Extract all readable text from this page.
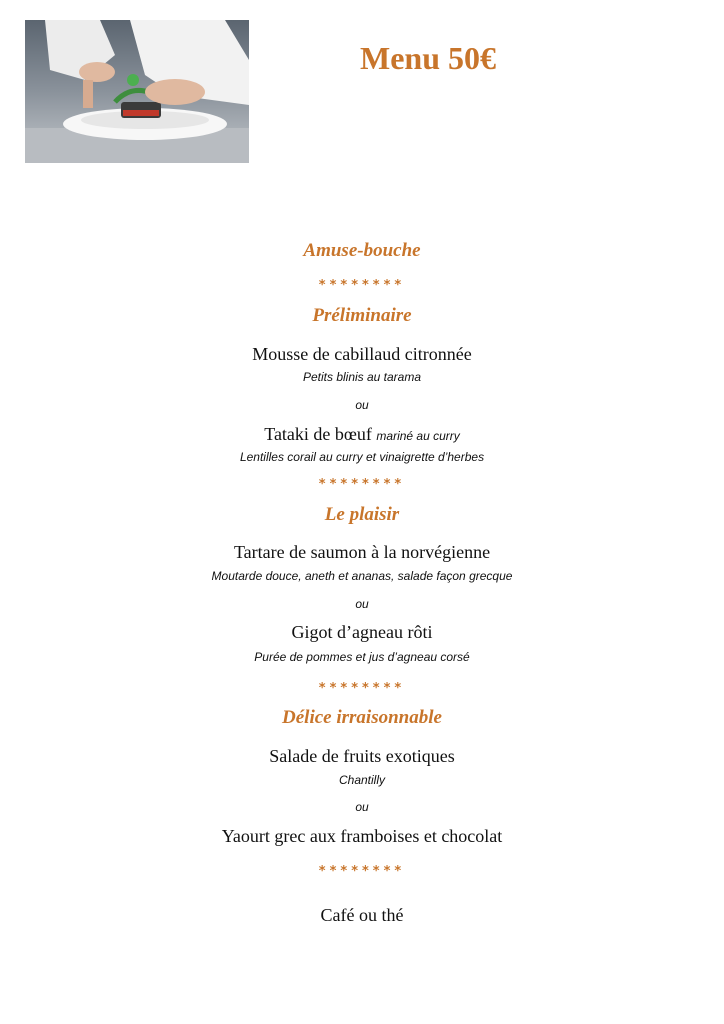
Menu 50€
Amuse-bouche
********
Préliminaire
Mousse de cabillaud citronnée
Petits blinis au tarama
ou
Tataki de bœuf mariné au curry
Lentilles corail au curry et vinaigrette d’herbes
********
Le plaisir
Tartare de saumon à la norvégienne
Moutarde douce, aneth et ananas, salade façon grecque
ou
Gigot d’agneau rôti
Purée de pommes et jus d’agneau corsé
********
Délice irraisonnable
Salade de fruits exotiques
Chantilly
ou
Yaourt grec aux framboises et chocolat
********
Café ou thé
